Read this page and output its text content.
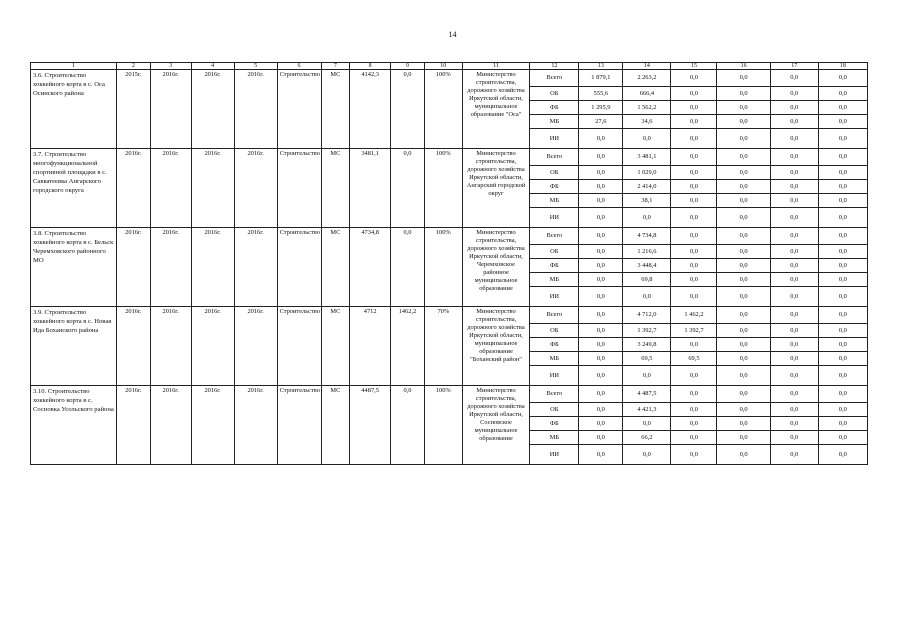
14
1	2	3	4	5	6	7	8	9	10	11	12	13	14	15	16	17	18
3.6. Строительство хоккейного корта в с. Оса Осинского района	2015г.	2016г.	2016г.	2016г.	Строительство	МС	4142,3	0,0	100%	Министерство строительства, дорожного хозяйства Иркутской области, муниципальное образование "Оса"	Всего	1 879,1	2 263,2	0,0	0,0	0,0	0,0
											ОБ	555,6	666,4	0,0	0,0	0,0	0,0
											ФБ	1 295,9	1 562,2	0,0	0,0	0,0	0,0
											МБ	27,6	34,6	0,0	0,0	0,0	0,0
											ИИ	0,0	0,0	0,0	0,0	0,0	0,0
3.7. Строительство многофункциональной спортивной площадки в с. Савватеевка Ангарского городского округа	2016г.	2016г.	2016г.	2016г.	Строительство	МС	3481,1	0,0	100%	Министерство строительства, дорожного хозяйства Иркутской области, Ангарский городской округ	Всего	0,0	3 481,1	0,0	0,0	0,0	0,0
											ОБ	0,0	1 029,0	0,0	0,0	0,0	0,0
											ФБ	0,0	2 414,0	0,0	0,0	0,0	0,0
											МБ	0,0	38,1	0,0	0,0	0,0	0,0
											ИИ	0,0	0,0	0,0	0,0	0,0	0,0
3.8. Строительство хоккейного корта в с. Бельск Черемховского районного МО	2016г.	2016г.	2016г.	2016г.	Строительство	МС	4734,8	0,0	100%	Министерство строительства, дорожного хозяйства Иркутской области, Черемховское районное муниципальное образование	Всего	0,0	4 734,8	0,0	0,0	0,0	0,0
											ОБ	0,0	1 216,6	0,0	0,0	0,0	0,0
											ФБ	0,0	3 448,4	0,0	0,0	0,0	0,0
											МБ	0,0	69,8	0,0	0,0	0,0	0,0
											ИИ	0,0	0,0	0,0	0,0	0,0	0,0
3.9. Строительство хоккейного корта в с. Новая Ида Боханского района	2016г.	2016г.	2016г.	2016г.	Строительство	МС	4712	1462,2	70%	Министерство строительства, дорожного хозяйства Иркутской области, муниципальное образование "Боханский район"	Всего	0,0	4 712,0	1 462,2	0,0	0,0	0,0
											ОБ	0,0	1 392,7	1 392,7	0,0	0,0	0,0
											ФБ	0,0	3 249,8	0,0	0,0	0,0	0,0
											МБ	0,0	69,5	69,5	0,0	0,0	0,0
											ИИ	0,0	0,0	0,0	0,0	0,0	0,0
3.10. Строительство хоккейного корта в с. Сосновка Усольского района	2016г.	2016г.	2016г.	2016г.	Строительство	МС	4487,5	0,0	100%	Министерство строительства, дорожного хозяйства Иркутской области, Сосновское муниципальное образование	Всего	0,0	4 487,5	0,0	0,0	0,0	0,0
											ОБ	0,0	4 421,3	0,0	0,0	0,0	0,0
											ФБ	0,0	0,0	0,0	0,0	0,0	0,0
											МБ	0,0	66,2	0,0	0,0	0,0	0,0
											ИИ	0,0	0,0	0,0	0,0	0,0	0,0
